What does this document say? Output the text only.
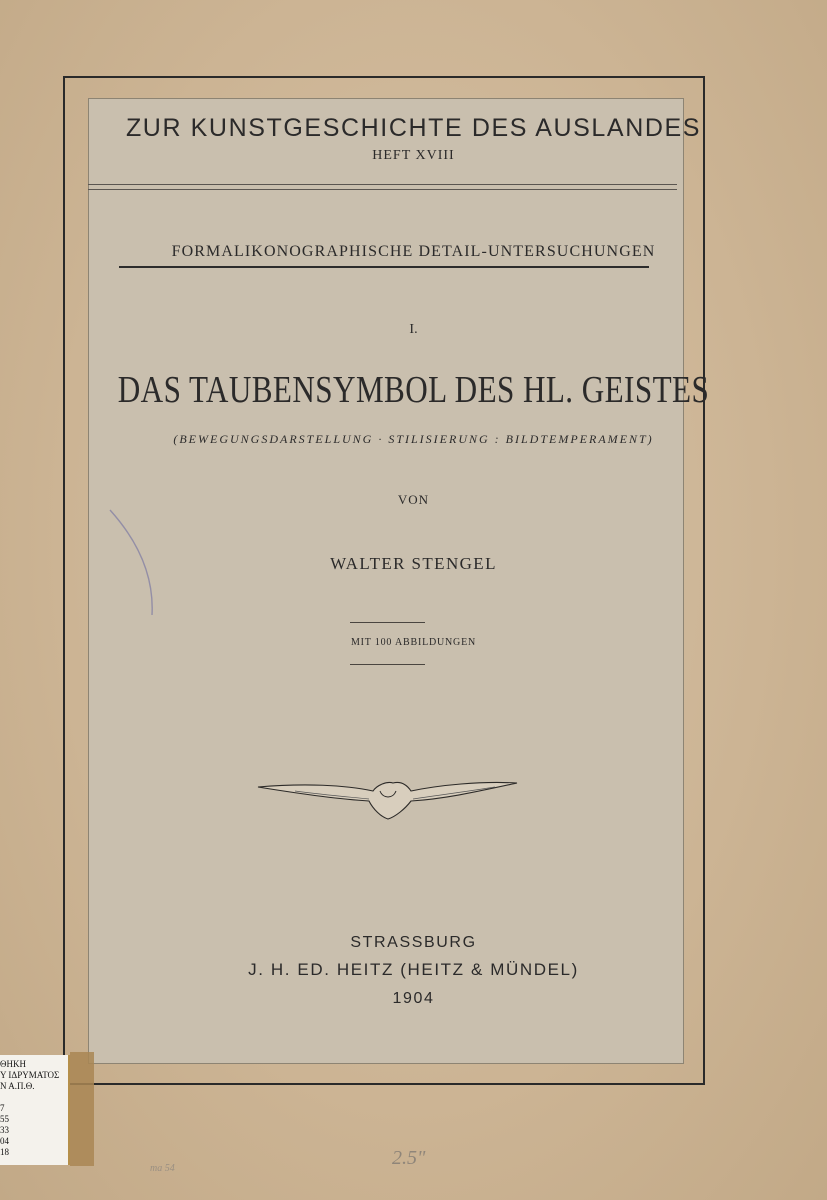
ZUR KUNSTGESCHICHTE DES AUSLANDES
HEFT XVIII
FORMALIKONOGRAPHISCHE DETAIL-UNTERSUCHUNGEN
I.
DAS TAUBENSYMBOL DES HL. GEISTES
(BEWEGUNGSDARSTELLUNG · STILISIERUNG : BILDTEMPERAMENT)
VON
WALTER STENGEL
MIT 100 ABBILDUNGEN
STRASSBURG
J. H. ED. HEITZ (HEITZ & MÜNDEL)
1904
ΘΗΚΗ
Υ ΙΔΡΥΜΑΤΟΣ
Ν Α.Π.Θ.

7
55
33
04
18	2.5"
ma 54
